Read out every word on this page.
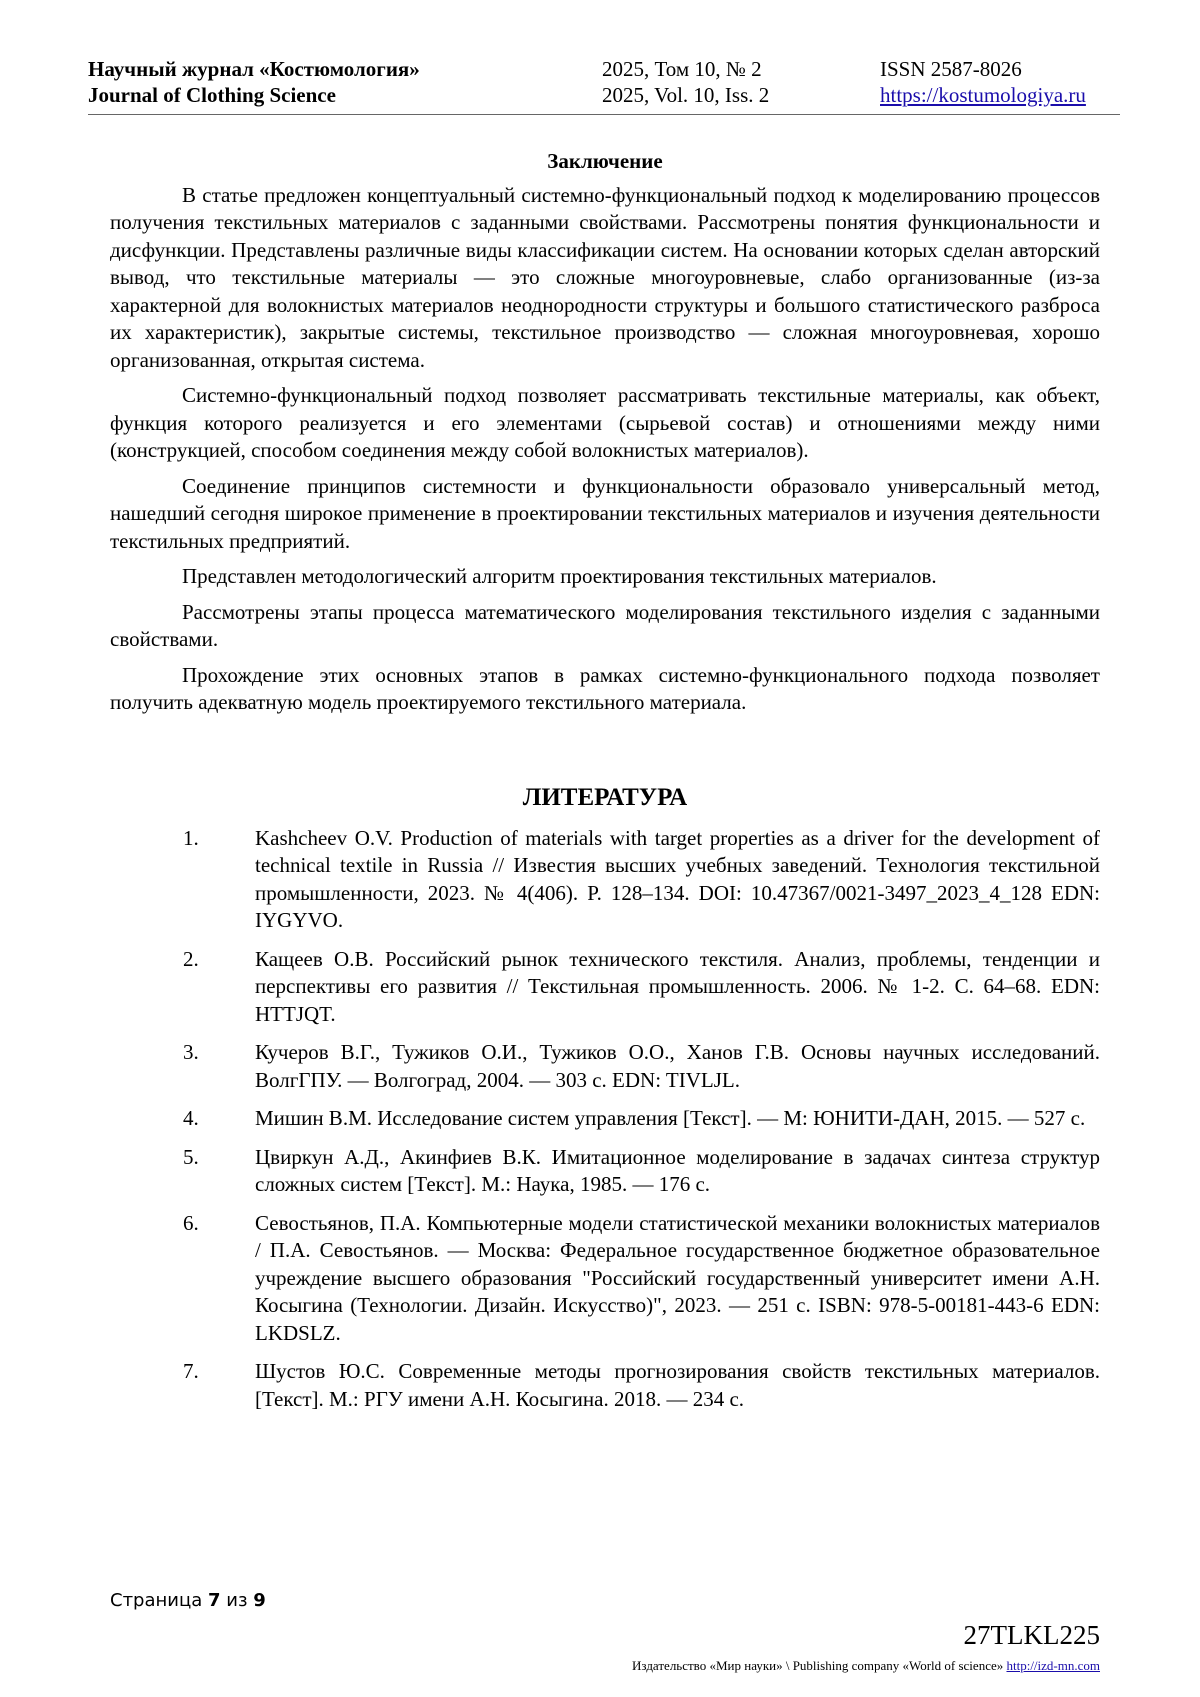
Научный журнал «Костюмология»
Journal of Clothing Science
2025, Том 10, № 2
2025, Vol. 10, Iss. 2
ISSN 2587-8026
https://kostumologiya.ru
Заключение

В статье предложен концептуальный системно-функциональный подход к моделированию процессов получения текстильных материалов с заданными свойствами. Рассмотрены понятия функциональности и дисфункции. Представлены различные виды классификации систем. На основании которых сделан авторский вывод, что текстильные материалы — это сложные многоуровневые, слабо организованные (из-за характерной для волокнистых материалов неоднородности структуры и большого статистического разброса их характеристик), закрытые системы, текстильное производство — сложная многоуровневая, хорошо организованная, открытая система.

Системно-функциональный подход позволяет рассматривать текстильные материалы, как объект, функция которого реализуется и его элементами (сырьевой состав) и отношениями между ними (конструкцией, способом соединения между собой волокнистых материалов).

Соединение принципов системности и функциональности образовало универсальный метод, нашедший сегодня широкое применение в проектировании текстильных материалов и изучения деятельности текстильных предприятий.

Представлен методологический алгоритм проектирования текстильных материалов.

Рассмотрены этапы процесса математического моделирования текстильного изделия с заданными свойствами.

Прохождение этих основных этапов в рамках системно-функционального подхода позволяет получить адекватную модель проектируемого текстильного материала.

ЛИТЕРАТУРА
1.	Kashcheev O.V. Production of materials with target properties as a driver for the development of technical textile in Russia // Известия высших учебных заведений. Технология текстильной промышленности, 2023. № 4(406). P. 128–134. DOI: 10.47367/0021-3497_2023_4_128 EDN: IYGYVO.
2.	Кащеев О.В. Российский рынок технического текстиля. Анализ, проблемы, тенденции и перспективы его развития // Текстильная промышленность. 2006. № 1-2. С. 64–68. EDN: HTTJQT.
3.	Кучеров В.Г., Тужиков О.И., Тужиков О.О., Ханов Г.В. Основы научных исследований. ВолгГПУ. — Волгоград, 2004. — 303 с. EDN: TIVLJL.
4.	Мишин В.М. Исследование систем управления [Текст]. — М: ЮНИТИ-ДАН, 2015. — 527 с.
5.	Цвиркун А.Д., Акинфиев В.К. Имитационное моделирование в задачах синтеза структур сложных систем [Текст]. М.: Наука, 1985. — 176 с.
6.	Севостьянов, П.А. Компьютерные модели статистической механики волокнистых материалов / П.А. Севостьянов. — Москва: Федеральное государственное бюджетное образовательное учреждение высшего образования "Российский государственный университет имени А.Н. Косыгина (Технологии. Дизайн. Искусство)", 2023. — 251 с. ISBN: 978-5-00181-443-6 EDN: LKDSLZ.
7.	Шустов Ю.С. Современные методы прогнозирования свойств текстильных материалов. [Текст]. М.: РГУ имени А.Н. Косыгина. 2018. — 234 с.
Страница 7 из 9
27TLKL225
Издательство «Мир науки» \ Publishing company «World of science» http://izd-mn.com
